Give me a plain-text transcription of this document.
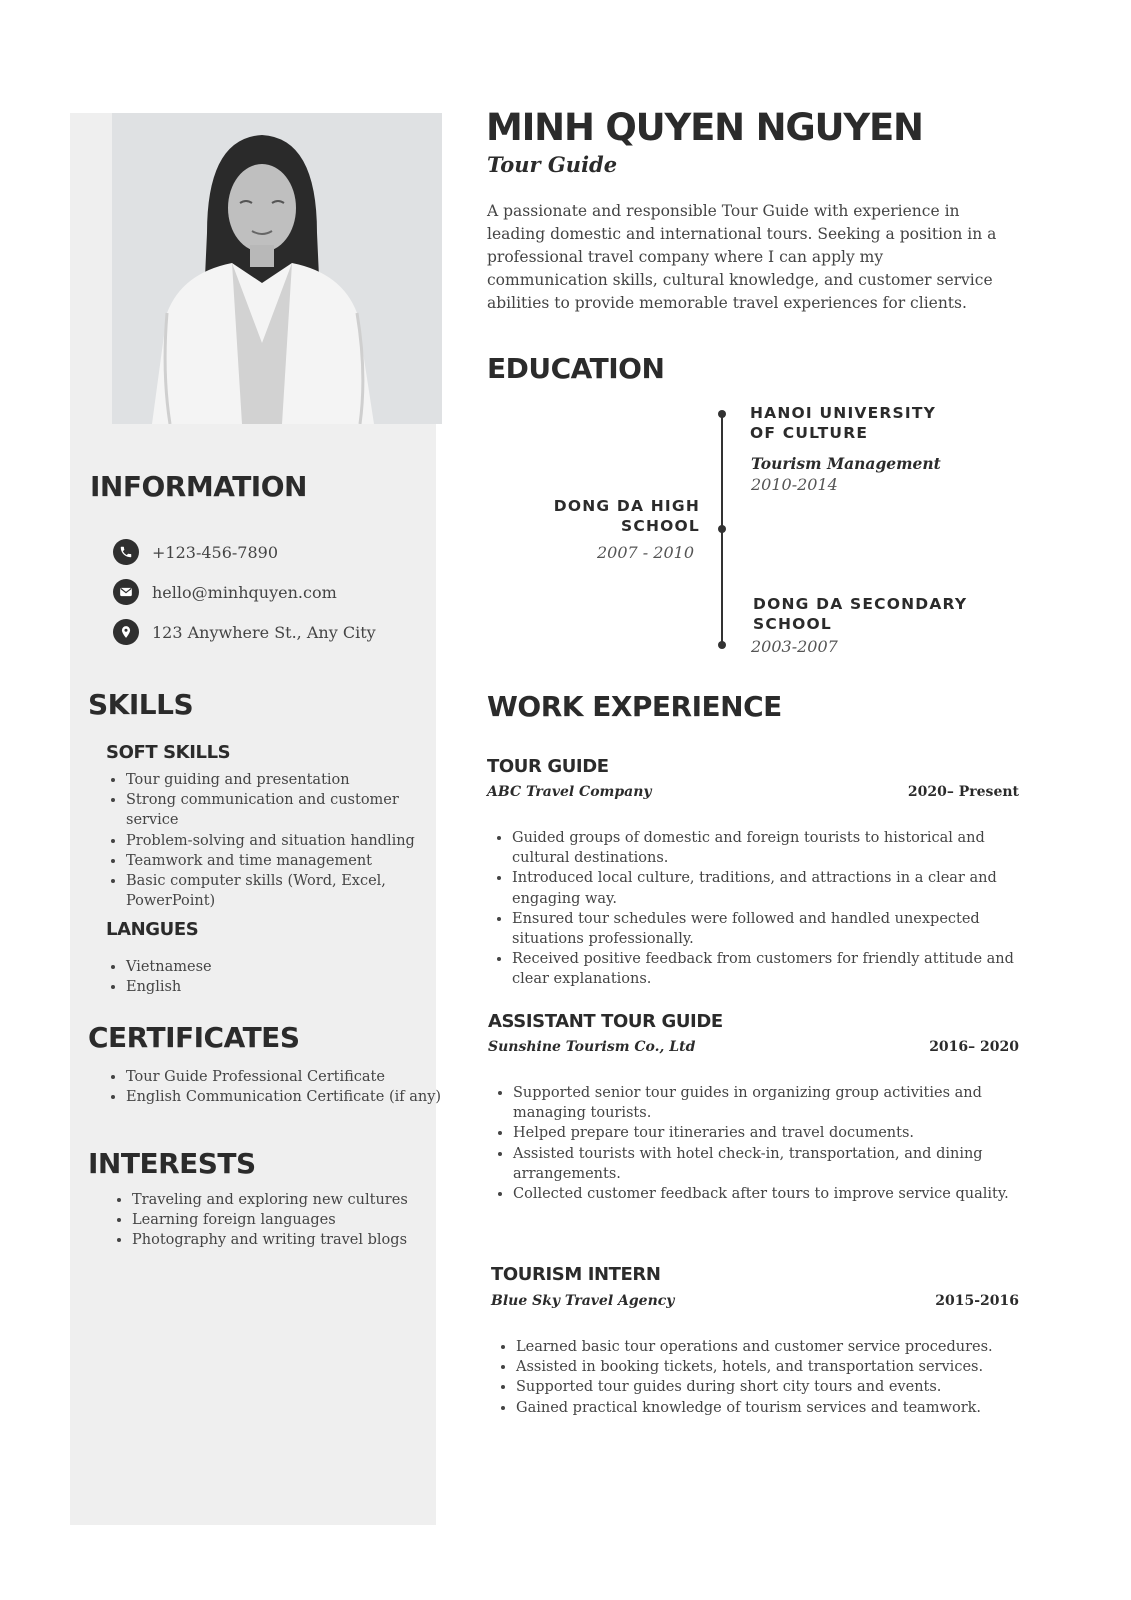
MINH QUYEN NGUYEN
Tour Guide

A passionate and responsible Tour Guide with experience in leading domestic and international tours. Seeking a position in a professional travel company where I can apply my communication skills, cultural knowledge, and customer service abilities to provide memorable travel experiences for clients.

INFORMATION
+123-456-7890
hello@minhquyen.com
123 Anywhere St., Any City
SKILLS
SOFT SKILLS
• Tour guiding and presentation
• Strong communication and customer service
• Problem-solving and situation handling
• Teamwork and time management
• Basic computer skills (Word, Excel, PowerPoint)
LANGUES
• Vietnamese
• English
CERTIFICATES
• Tour Guide Professional Certificate
• English Communication Certificate (if any)
INTERESTS
• Traveling and exploring new cultures
• Learning foreign languages
• Photography and writing travel blogs
EDUCATION
HANOI UNIVERSITY OF CULTURE
Tourism Management
2010-2014
DONG DA HIGH SCHOOL
2007 - 2010
DONG DA SECONDARY SCHOOL
2003-2007
WORK EXPERIENCE
TOUR GUIDE
ABC Travel Company	2020– Present
• Guided groups of domestic and foreign tourists to historical and cultural destinations.
• Introduced local culture, traditions, and attractions in a clear and engaging way.
• Ensured tour schedules were followed and handled unexpected situations professionally.
• Received positive feedback from customers for friendly attitude and clear explanations.
ASSISTANT TOUR GUIDE
Sunshine Tourism Co., Ltd	2016– 2020
• Supported senior tour guides in organizing group activities and managing tourists.
• Helped prepare tour itineraries and travel documents.
• Assisted tourists with hotel check-in, transportation, and dining arrangements.
• Collected customer feedback after tours to improve service quality.
TOURISM INTERN
Blue Sky Travel Agency	2015-2016
• Learned basic tour operations and customer service procedures.
• Assisted in booking tickets, hotels, and transportation services.
• Supported tour guides during short city tours and events.
• Gained practical knowledge of tourism services and teamwork.
